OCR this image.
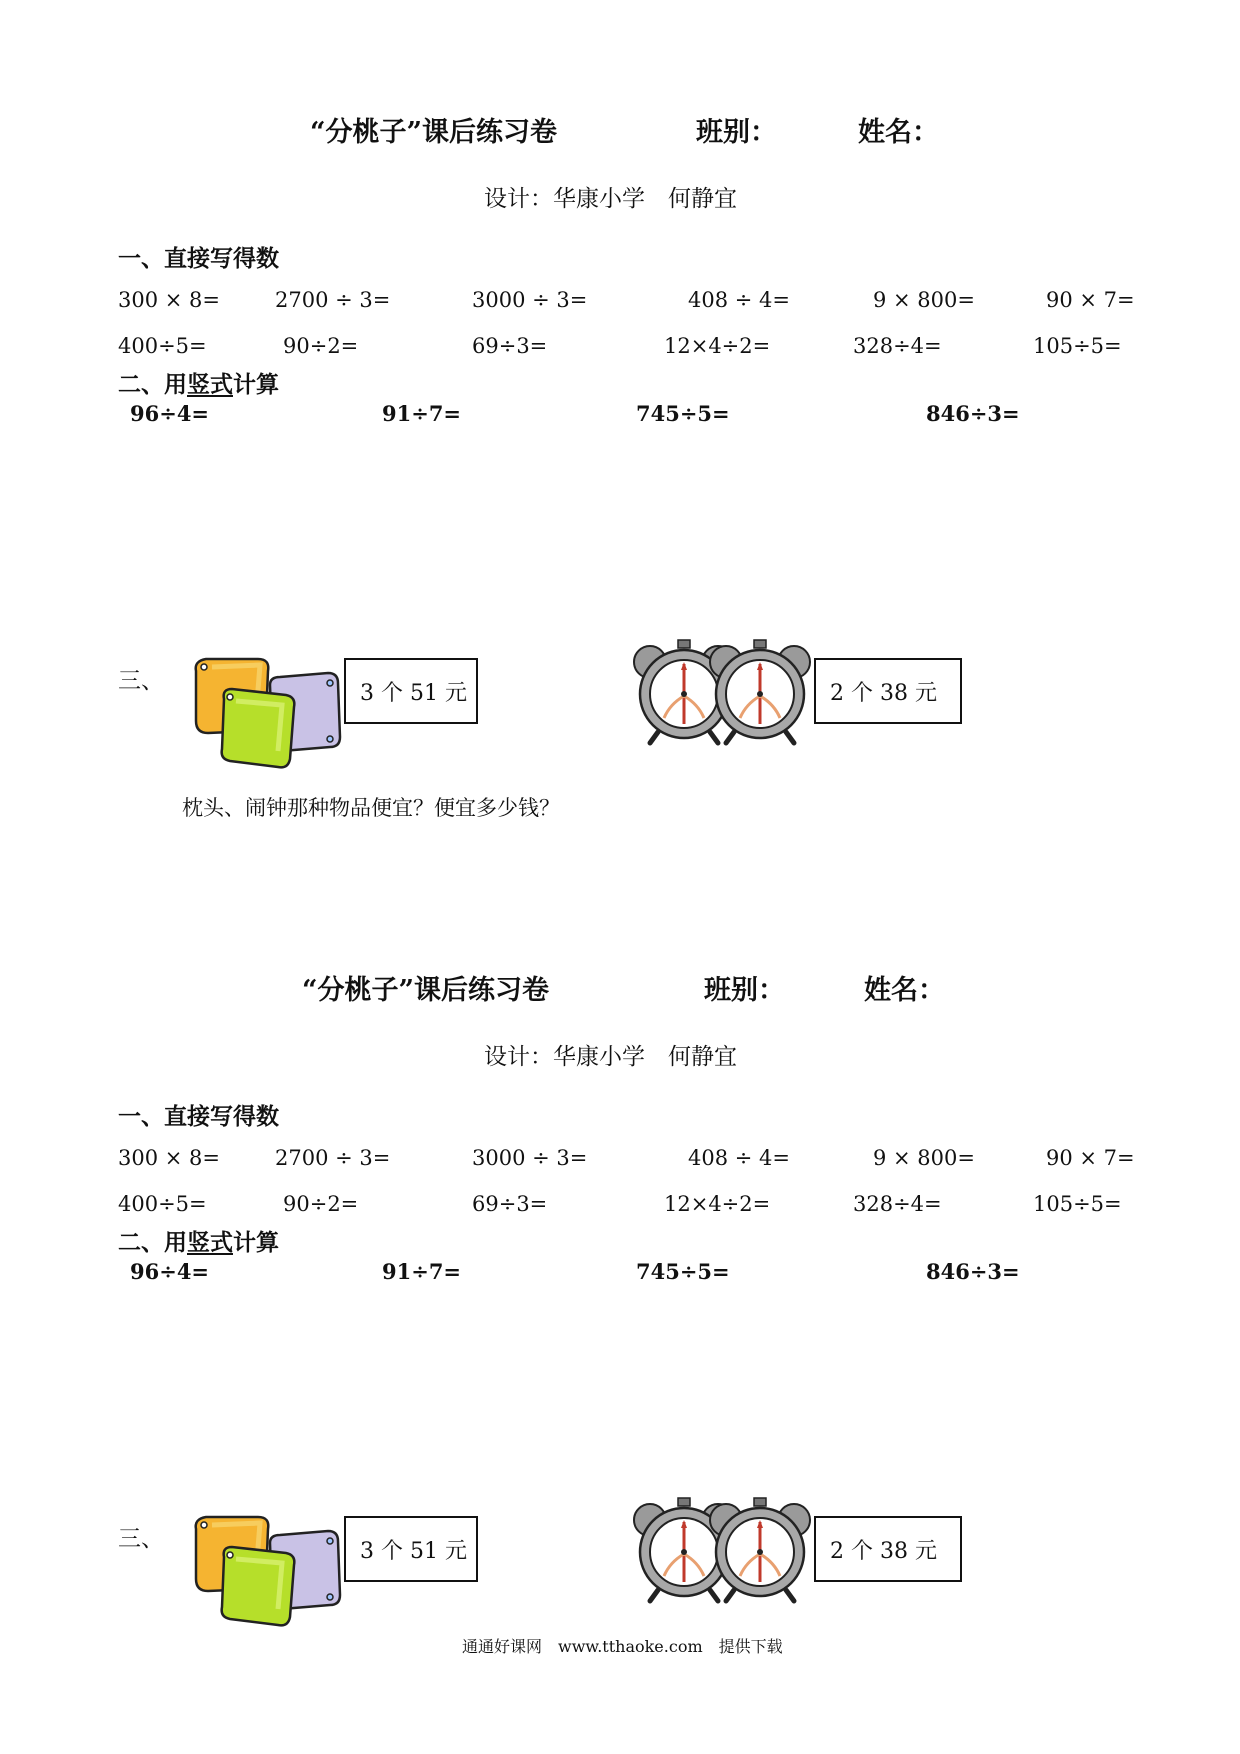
“分桃子”课后练习卷	班别：	姓名：
设计：华康小学　何静宜
一、直接写得数
300 × 8=	2700 ÷ 3=	3000 ÷ 3=	408 ÷ 4=	9 × 800=	90 × 7=
400÷5=	90÷2=	69÷3=	12×4÷2=	328÷4=	105÷5=
二、用竖式计算
96÷4=	91÷7=	745÷5=	846÷3=
三、	3 个 51 元	2 个 38 元
枕头、闹钟那种物品便宜？便宜多少钱？
“分桃子”课后练习卷	班别：	姓名：
设计：华康小学　何静宜
一、直接写得数
300 × 8=	2700 ÷ 3=	3000 ÷ 3=	408 ÷ 4=	9 × 800=	90 × 7=
400÷5=	90÷2=	69÷3=	12×4÷2=	328÷4=	105÷5=
二、用竖式计算
96÷4=	91÷7=	745÷5=	846÷3=
三、	3 个 51 元	2 个 38 元
通通好课网　www.tthaoke.com　提供下载
